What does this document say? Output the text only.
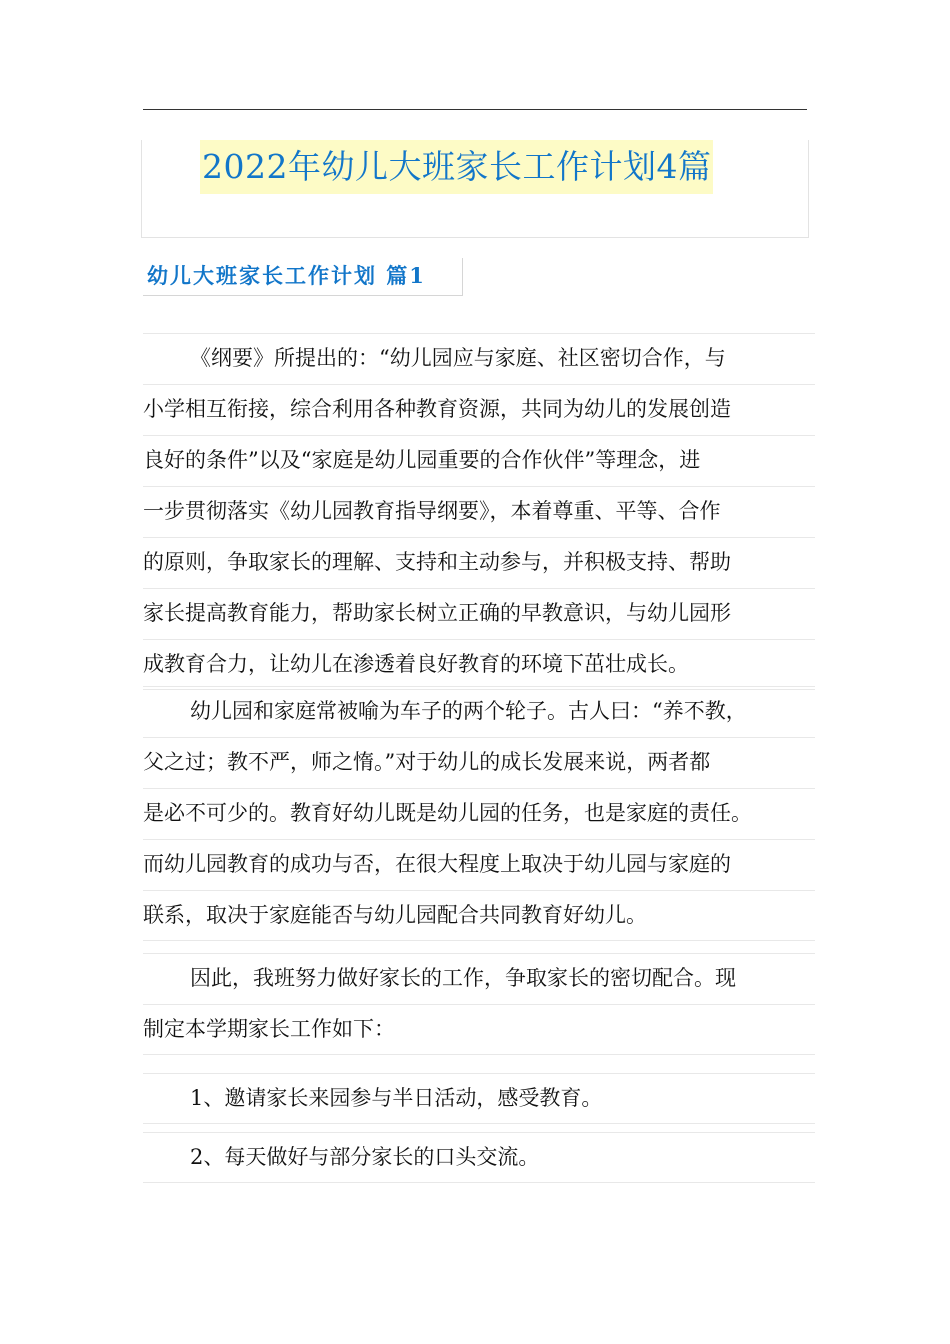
2022年幼儿大班家长工作计划4篇
幼儿大班家长工作计划 篇1
《纲要》所提出的：“幼儿园应与家庭、社区密切合作，与
小学相互衔接，综合利用各种教育资源，共同为幼儿的发展创造
良好的条件”以及“家庭是幼儿园重要的合作伙伴”等理念，进
一步贯彻落实《幼儿园教育指导纲要》，本着尊重、平等、合作
的原则，争取家长的理解、支持和主动参与，并积极支持、帮助
家长提高教育能力，帮助家长树立正确的早教意识，与幼儿园形
成教育合力，让幼儿在渗透着良好教育的环境下茁壮成长。
幼儿园和家庭常被喻为车子的两个轮子。古人曰：“养不教，
父之过；教不严，师之惰。”对于幼儿的成长发展来说，两者都
是必不可少的。教育好幼儿既是幼儿园的任务，也是家庭的责任。
而幼儿园教育的成功与否，在很大程度上取决于幼儿园与家庭的
联系，取决于家庭能否与幼儿园配合共同教育好幼儿。
因此，我班努力做好家长的工作，争取家长的密切配合。现
制定本学期家长工作如下：
1、邀请家长来园参与半日活动，感受教育。
2、每天做好与部分家长的口头交流。
